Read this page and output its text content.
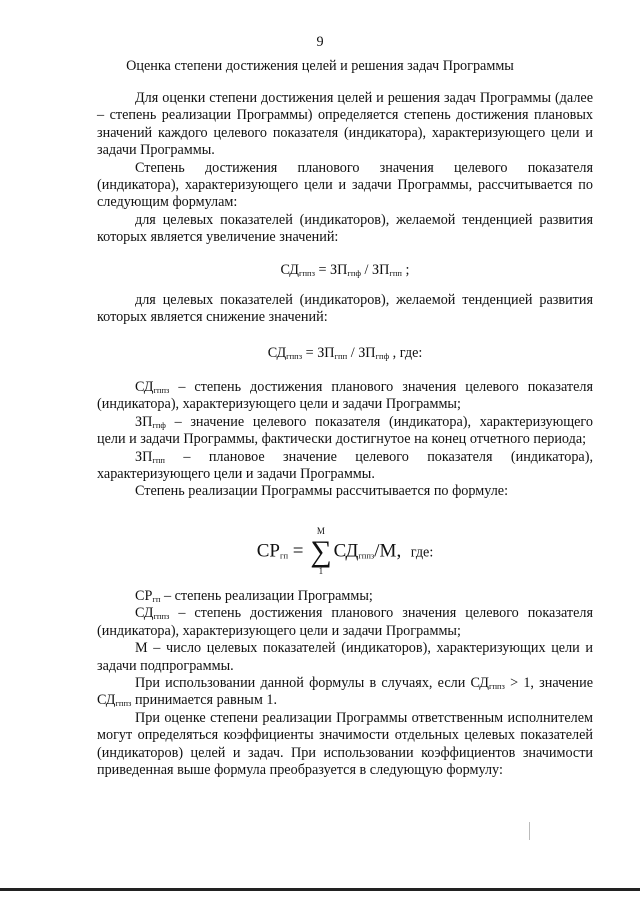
9
Оценка степени достижения целей и решения задач Программы

Для оценки степени достижения целей и решения задач Программы (далее – степень реализации Программы) определяется степень достижения плановых значений каждого целевого показателя (индикатора), характеризующего цели и задачи Программы.

Степень достижения планового значения целевого показателя (индикатора), характеризующего цели и задачи Программы, рассчитывается по следующим формулам:

для целевых показателей (индикаторов), желаемой тенденцией развития которых является увеличение значений:

$СД_{гппз} = ЗП_{гпф} / ЗП_{гпп}$ ;

для целевых показателей (индикаторов), желаемой тенденцией развития которых является снижение значений:

$СД_{гппз} = ЗП_{гпп} / ЗП_{гпф}$ , где:

$СД_{гппз}$ – степень достижения планового значения целевого показателя (индикатора), характеризующего цели и задачи Программы;

$ЗП_{гпф}$ – значение целевого показателя (индикатора), характеризующего цели и задачи Программы, фактически достигнутое на конец отчетного периода;

$ЗП_{гпп}$ – плановое значение целевого показателя (индикатора), характеризующего цели и задачи Программы.

Степень реализации Программы рассчитывается по формуле:

$СР_{гп}$ =
M
∑
1
$СД_{гппз}/М$, где:

$СР_{гп}$ – степень реализации Программы;

$СД_{гппз}$ – степень достижения планового значения целевого показателя (индикатора), характеризующего цели и задачи Программы;

М – число целевых показателей (индикаторов), характеризующих цели и задачи подпрограммы.

При использовании данной формулы в случаях, если $СД_{гппз} > 1$, значение $СД_{гппз}$ принимается равным 1.

При оценке степени реализации Программы ответственным исполнителем могут определяться коэффициенты значимости отдельных целевых показателей (индикаторов) целей и задач. При использовании коэффициентов значимости приведенная выше формула преобразуется в следующую формулу:
